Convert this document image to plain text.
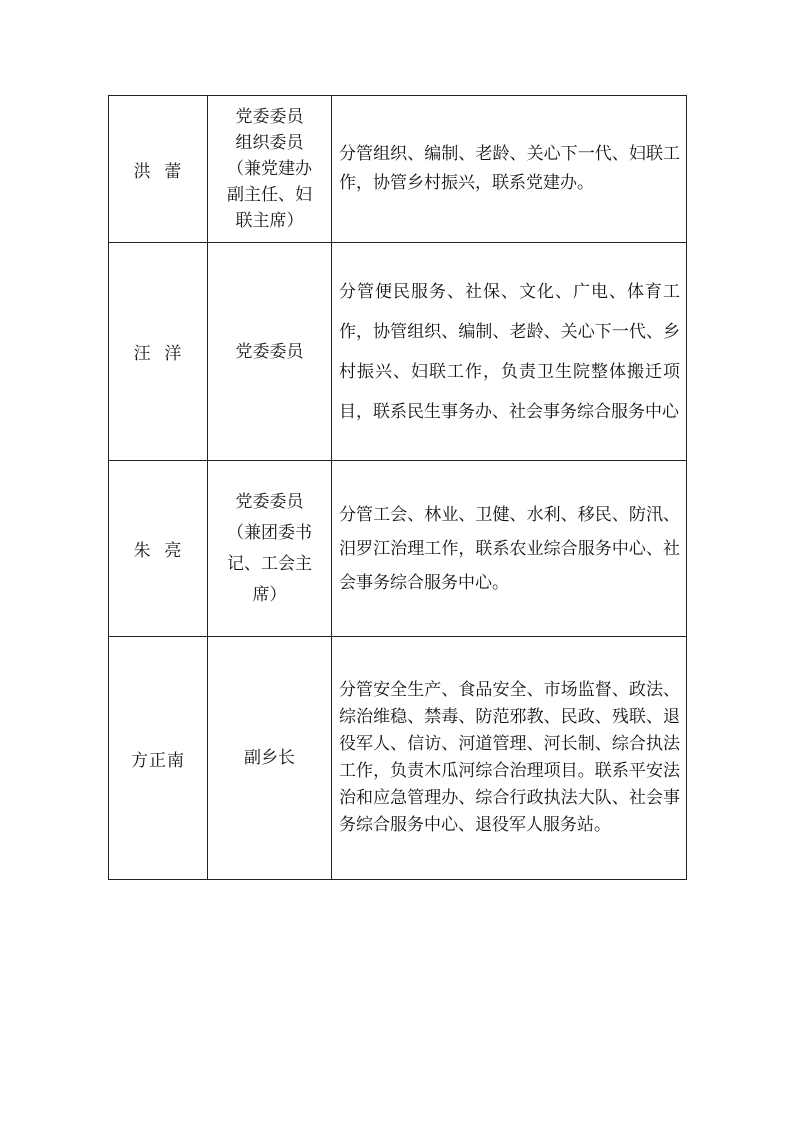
洪  蕾	党委委员
组织委员
（兼党建办
副主任、妇
联主席）	分管组织、编制、老龄、关心下一代、妇联工作，协管乡村振兴，联系党建办。

汪  洋	党委委员	分管便民服务、社保、文化、广电、体育工作，协管组织、编制、老龄、关心下一代、乡村振兴、妇联工作，负责卫生院整体搬迁项目，联系民生事务办、社会事务综合服务中心

朱  亮	党委委员
（兼团委书
记、工会主
席）	分管工会、林业、卫健、水利、移民、防汛、汨罗江治理工作，联系农业综合服务中心、社会事务综合服务中心。

方正南	副乡长	分管安全生产、食品安全、市场监督、政法、综治维稳、禁毒、防范邪教、民政、残联、退役军人、信访、河道管理、河长制、综合执法工作，负责木瓜河综合治理项目。联系平安法治和应急管理办、综合行政执法大队、社会事务综合服务中心、退役军人服务站。
